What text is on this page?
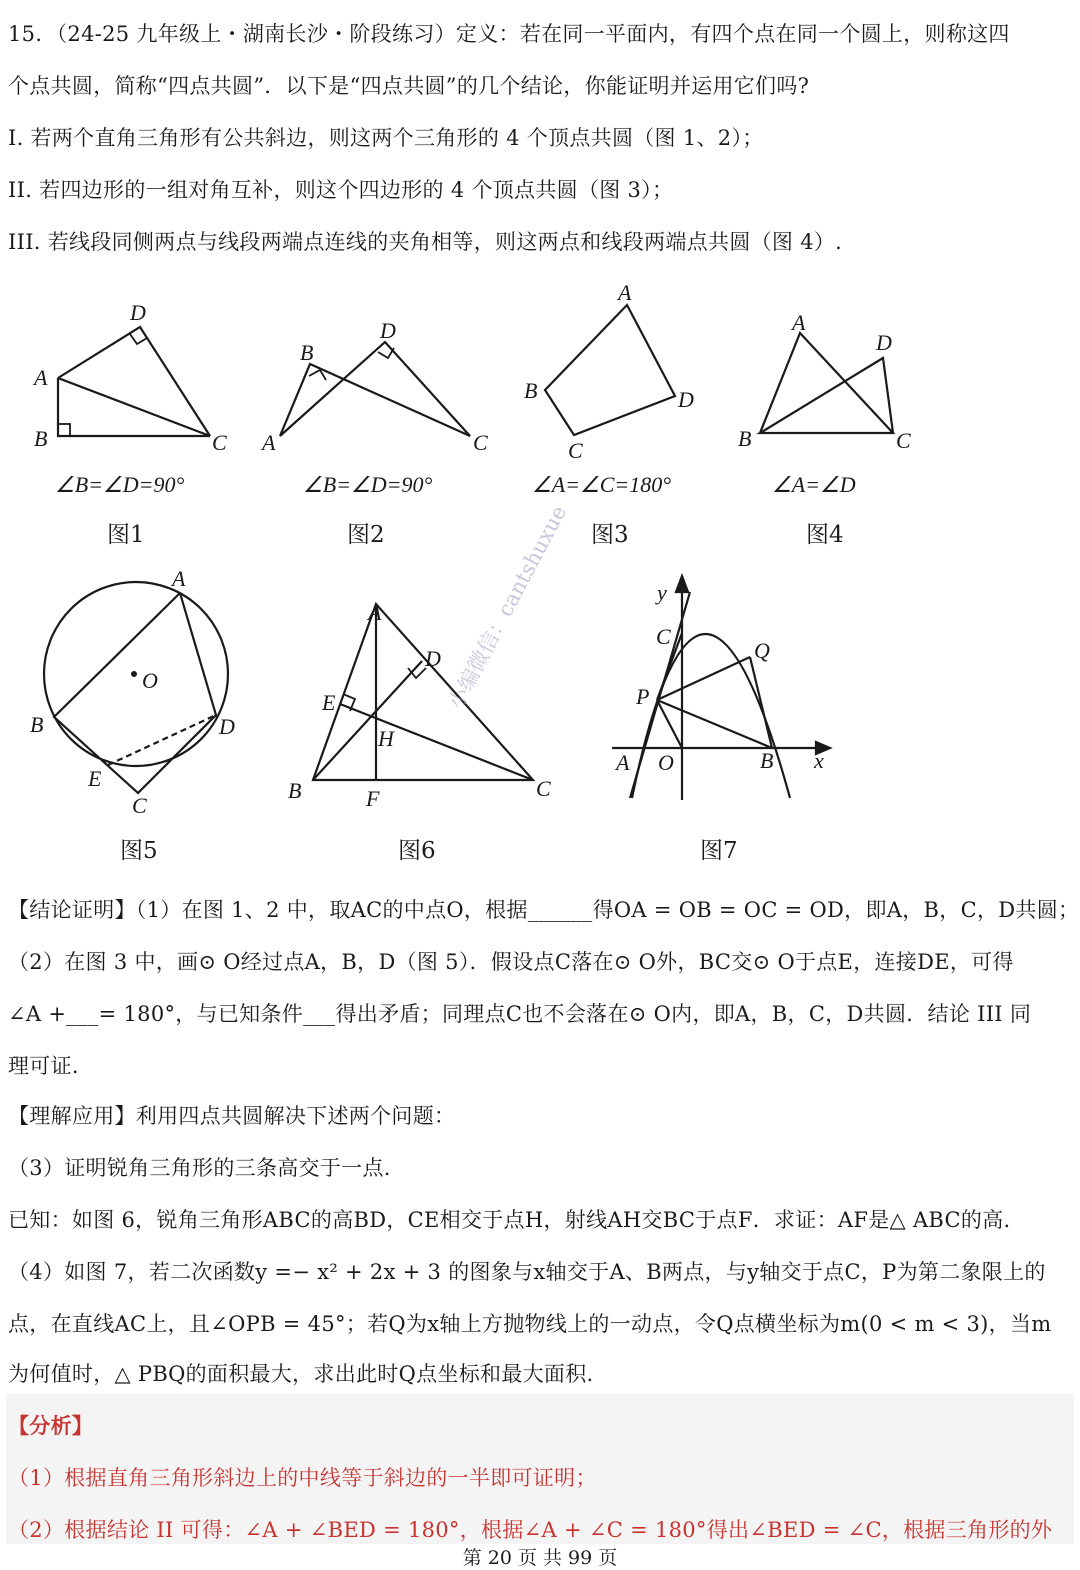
15．（24-25 九年级上・湖南长沙・阶段练习）定义：若在同一平面内，有四个点在同一个圆上，则称这四
个点共圆，简称“四点共圆”．以下是“四点共圆”的几个结论，你能证明并运用它们吗?
I. 若两个直角三角形有公共斜边，则这两个三角形的 4 个顶点共圆（图 1、2）；
II. 若四边形的一组对角互补，则这个四边形的 4 个顶点共圆（图 3）；
III. 若线段同侧两点与线段两端点连线的夹角相等，则这两点和线段两端点共圆（图 4）.
D
A
B	C
D
B
A	C
A
B	D
C
A
D
B	C
∠B=∠D=90°	∠B=∠D=90°	∠A=∠C=180°	∠A=∠D
图1	图2	图3	图4
A
O
B	D
E
C
A
D
E
H
B	F	C
y
C
Q
P
A O	B x
图5	图6	图7
小编微信：cantshuxue
【结论证明】（1）在图 1、2 中，取AC的中点O，根据______得OA = OB = OC = OD，即A，B，C，D共圆；
（2）在图 3 中，画⊙ O经过点A，B，D（图 5）．假设点C落在⊙ O外，BC交⊙ O于点E，连接DE，可得
∠A +___= 180°，与已知条件___得出矛盾；同理点C也不会落在⊙ O内，即A，B，C，D共圆．结论 III 同
理可证.
【理解应用】利用四点共圆解决下述两个问题：
（3）证明锐角三角形的三条高交于一点.
已知：如图 6，锐角三角形ABC的高BD，CE相交于点H，射线AH交BC于点F．求证：AF是△ ABC的高.
（4）如图 7，若二次函数y =− x² + 2x + 3 的图象与x轴交于A、B两点，与y轴交于点C，P为第二象限上的
点，在直线AC上，且∠OPB = 45°；若Q为x轴上方抛物线上的一动点，令Q点横坐标为m(0 < m < 3)，当m
为何值时，△ PBQ的面积最大，求出此时Q点坐标和最大面积.
【分析】
（1）根据直角三角形斜边上的中线等于斜边的一半即可证明；
（2）根据结论 II 可得：∠A + ∠BED = 180°，根据∠A + ∠C = 180°得出∠BED = ∠C，根据三角形的外
第 20 页 共 99 页
